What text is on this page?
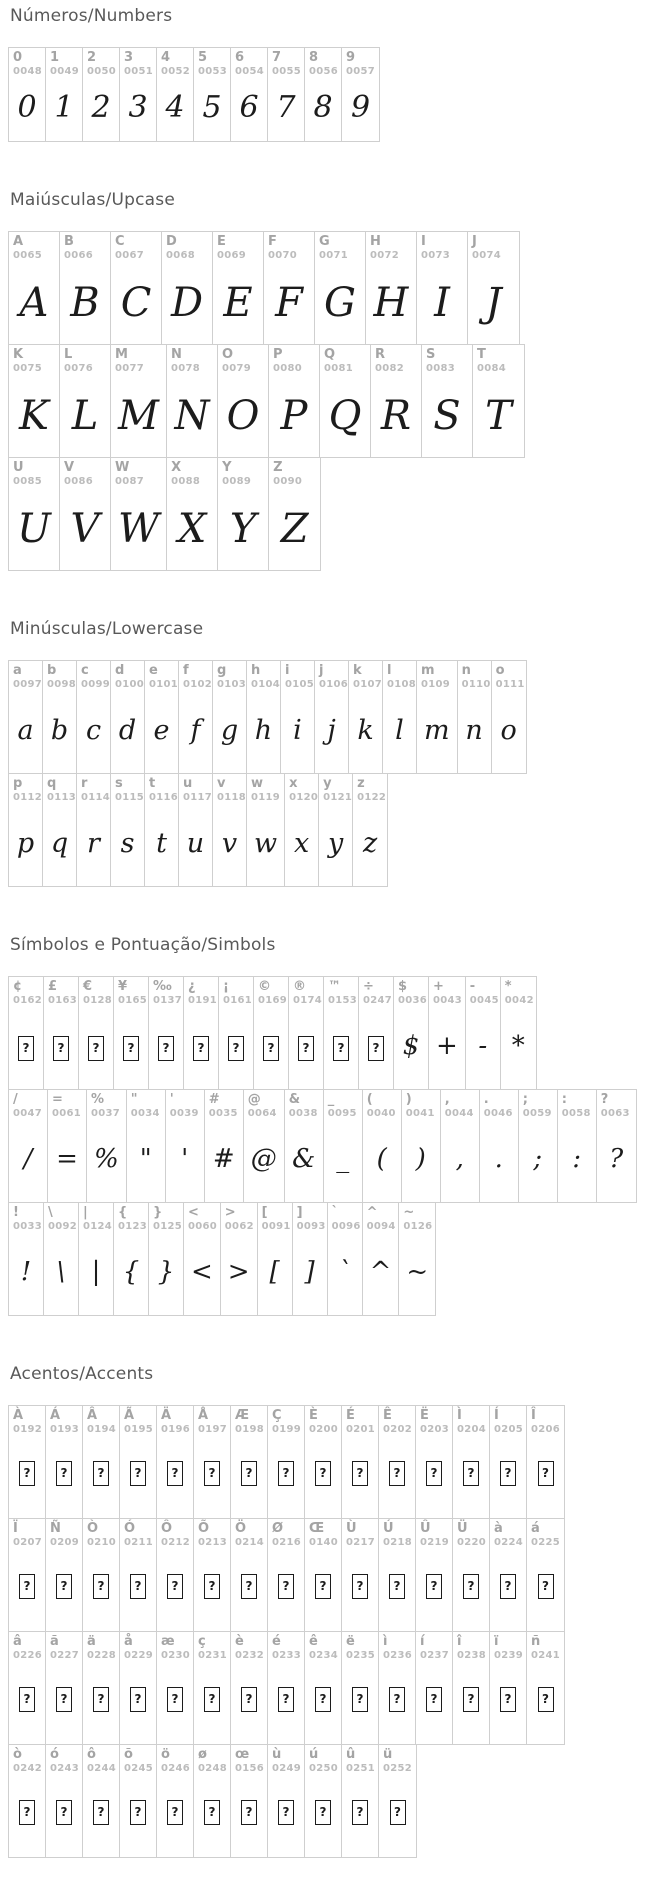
Números/Numbers
0
0048
0
1
0049
1
2
0050
2
3
0051
3
4
0052
4
5
0053
5
6
0054
6
7
0055
7
8
0056
8
9
0057
9
Maiúsculas/Upcase
A
0065
A
B
0066
B
C
0067
C
D
0068
D
E
0069
E
F
0070
F
G
0071
G
H
0072
H
I
0073
I
J
0074
J
K
0075
K
L
0076
L
M
0077
M
N
0078
N
O
0079
O
P
0080
P
Q
0081
Q
R
0082
R
S
0083
S
T
0084
T
U
0085
U
V
0086
V
W
0087
W
X
0088
X
Y
0089
Y
Z
0090
Z
Minúsculas/Lowercase
a
0097
a
b
0098
b
c
0099
c
d
0100
d
e
0101
e
f
0102
f
g
0103
g
h
0104
h
i
0105
i
j
0106
j
k
0107
k
l
0108
l
m
0109
m
n
0110
n
o
0111
o
p
0112
p
q
0113
q
r
0114
r
s
0115
s
t
0116
t
u
0117
u
v
0118
v
w
0119
w
x
0120
x
y
0121
y
z
0122
z
Símbolos e Pontuação/Simbols
¢
0162
?
£
0163
?
€
0128
?
¥
0165
?
‰
0137
?
¿
0191
?
¡
0161
?
©
0169
?
®
0174
?
™
0153
?
÷
0247
?
$
0036
$
+
0043
+
-
0045
-
*
0042
*
/
0047
/
=
0061
=
%
0037
%
"
0034
"
'
0039
'
#
0035
#
@
0064
@
&
0038
&
_
0095
_
(
0040
(
)
0041
)
,
0044
,
.
0046
.
;
0059
;
:
0058
:
?
0063
?
!
0033
!
\
0092
\
|
0124
|
{
0123
{
}
0125
}
<
0060
<
>
0062
>
[
0091
[
]
0093
]
`
0096
`
^
0094
^
~
0126
~
Acentos/Accents
À
0192
?
Á
0193
?
Â
0194
?
Ã
0195
?
Ä
0196
?
Å
0197
?
Æ
0198
?
Ç
0199
?
È
0200
?
É
0201
?
Ê
0202
?
Ë
0203
?
Ì
0204
?
Í
0205
?
Î
0206
?
Ï
0207
?
Ñ
0209
?
Ò
0210
?
Ó
0211
?
Ô
0212
?
Õ
0213
?
Ö
0214
?
Ø
0216
?
Œ
0140
?
Ù
0217
?
Ú
0218
?
Û
0219
?
Ü
0220
?
à
0224
?
á
0225
?
â
0226
?
ã
0227
?
ä
0228
?
å
0229
?
æ
0230
?
ç
0231
?
è
0232
?
é
0233
?
ê
0234
?
ë
0235
?
ì
0236
?
í
0237
?
î
0238
?
ï
0239
?
ñ
0241
?
ò
0242
?
ó
0243
?
ô
0244
?
õ
0245
?
ö
0246
?
ø
0248
?
œ
0156
?
ù
0249
?
ú
0250
?
û
0251
?
ü
0252
?
